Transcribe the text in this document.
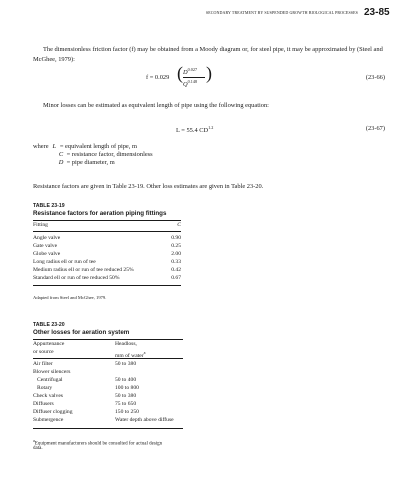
SECONDARY TREATMENT BY SUSPENDED GROWTH BIOLOGICAL PROCESSES 23-85
The dimensionless friction factor (f) may be obtained from a Moody diagram or, for steel pipe, it may be approximated by (Steel and McGhee, 1979):
f = 0.029 ( $D^{0.027}$
$Q^{0.148}$ )	(23-66)
Minor losses can be estimated as equivalent length of pipe using the following equation:
L = 55.4 $CD^{1.2}$	(23-67)
where L = equivalent length of pipe, m
C = resistance factor, dimensionless
D = pipe diameter, m
Resistance factors are given in Table 23-19. Other loss estimates are given in Table 23-20.
TABLE 23-19
Resistance factors for aeration piping fittings
Fitting	C
Angle valve	0.90
Gate valve	0.25
Globe valve	2.00
Long radius ell or run of tee	0.33
Medium radius ell or run of tee reduced 25%	0.42
Standard ell or run of tee reduced 50%	0.67
Adapted from Steel and McGhee, 1979.
TABLE 23-20
Other losses for aeration system
Appurtenance	Headloss,
or source
mm of water$^a$
Air filter	50 to 380
Blower silencers
Centrifugal	50 to 400
Rotary	100 to 800
Check valves	50 to 380
Diffusers	75 to 650
Diffuser clogging	150 to 250
Submergence	Water depth above diffuse
$^a$Equipment manufacturers should be consulted for actual design
data.
